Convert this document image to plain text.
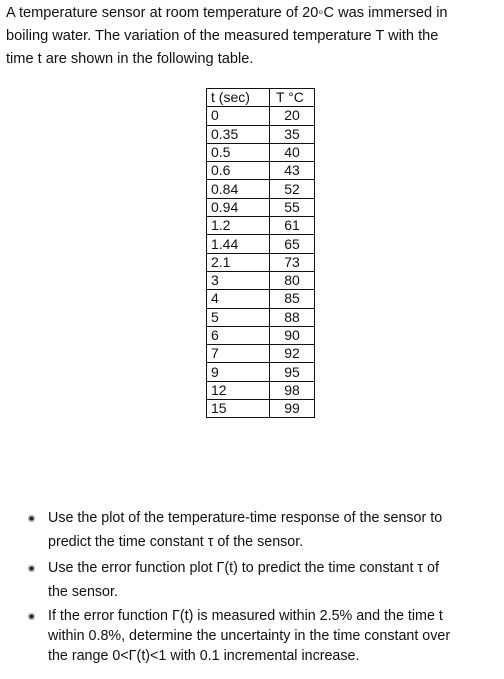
A temperature sensor at room temperature of 20◦C was immersed in
boiling water. The variation of the measured temperature T with the
time t are shown in the following table.
t (sec)	T °C
0	20
0.35	35
0.5	40
0.6	43
0.84	52
0.94	55
1.2	61
1.44	65
2.1	73
3	80
4	85
5	88
6	90
7	92
9	95
12	98
15	99
Use the plot of the temperature-time response of the sensor to
predict the time constant τ of the sensor.
Use the error function plot Γ(t) to predict the time constant τ of
the sensor.
If the error function Γ(t) is measured within 2.5% and the time t
within 0.8%, determine the uncertainty in the time constant over
the range 0<Γ(t)<1 with 0.1 incremental increase.
